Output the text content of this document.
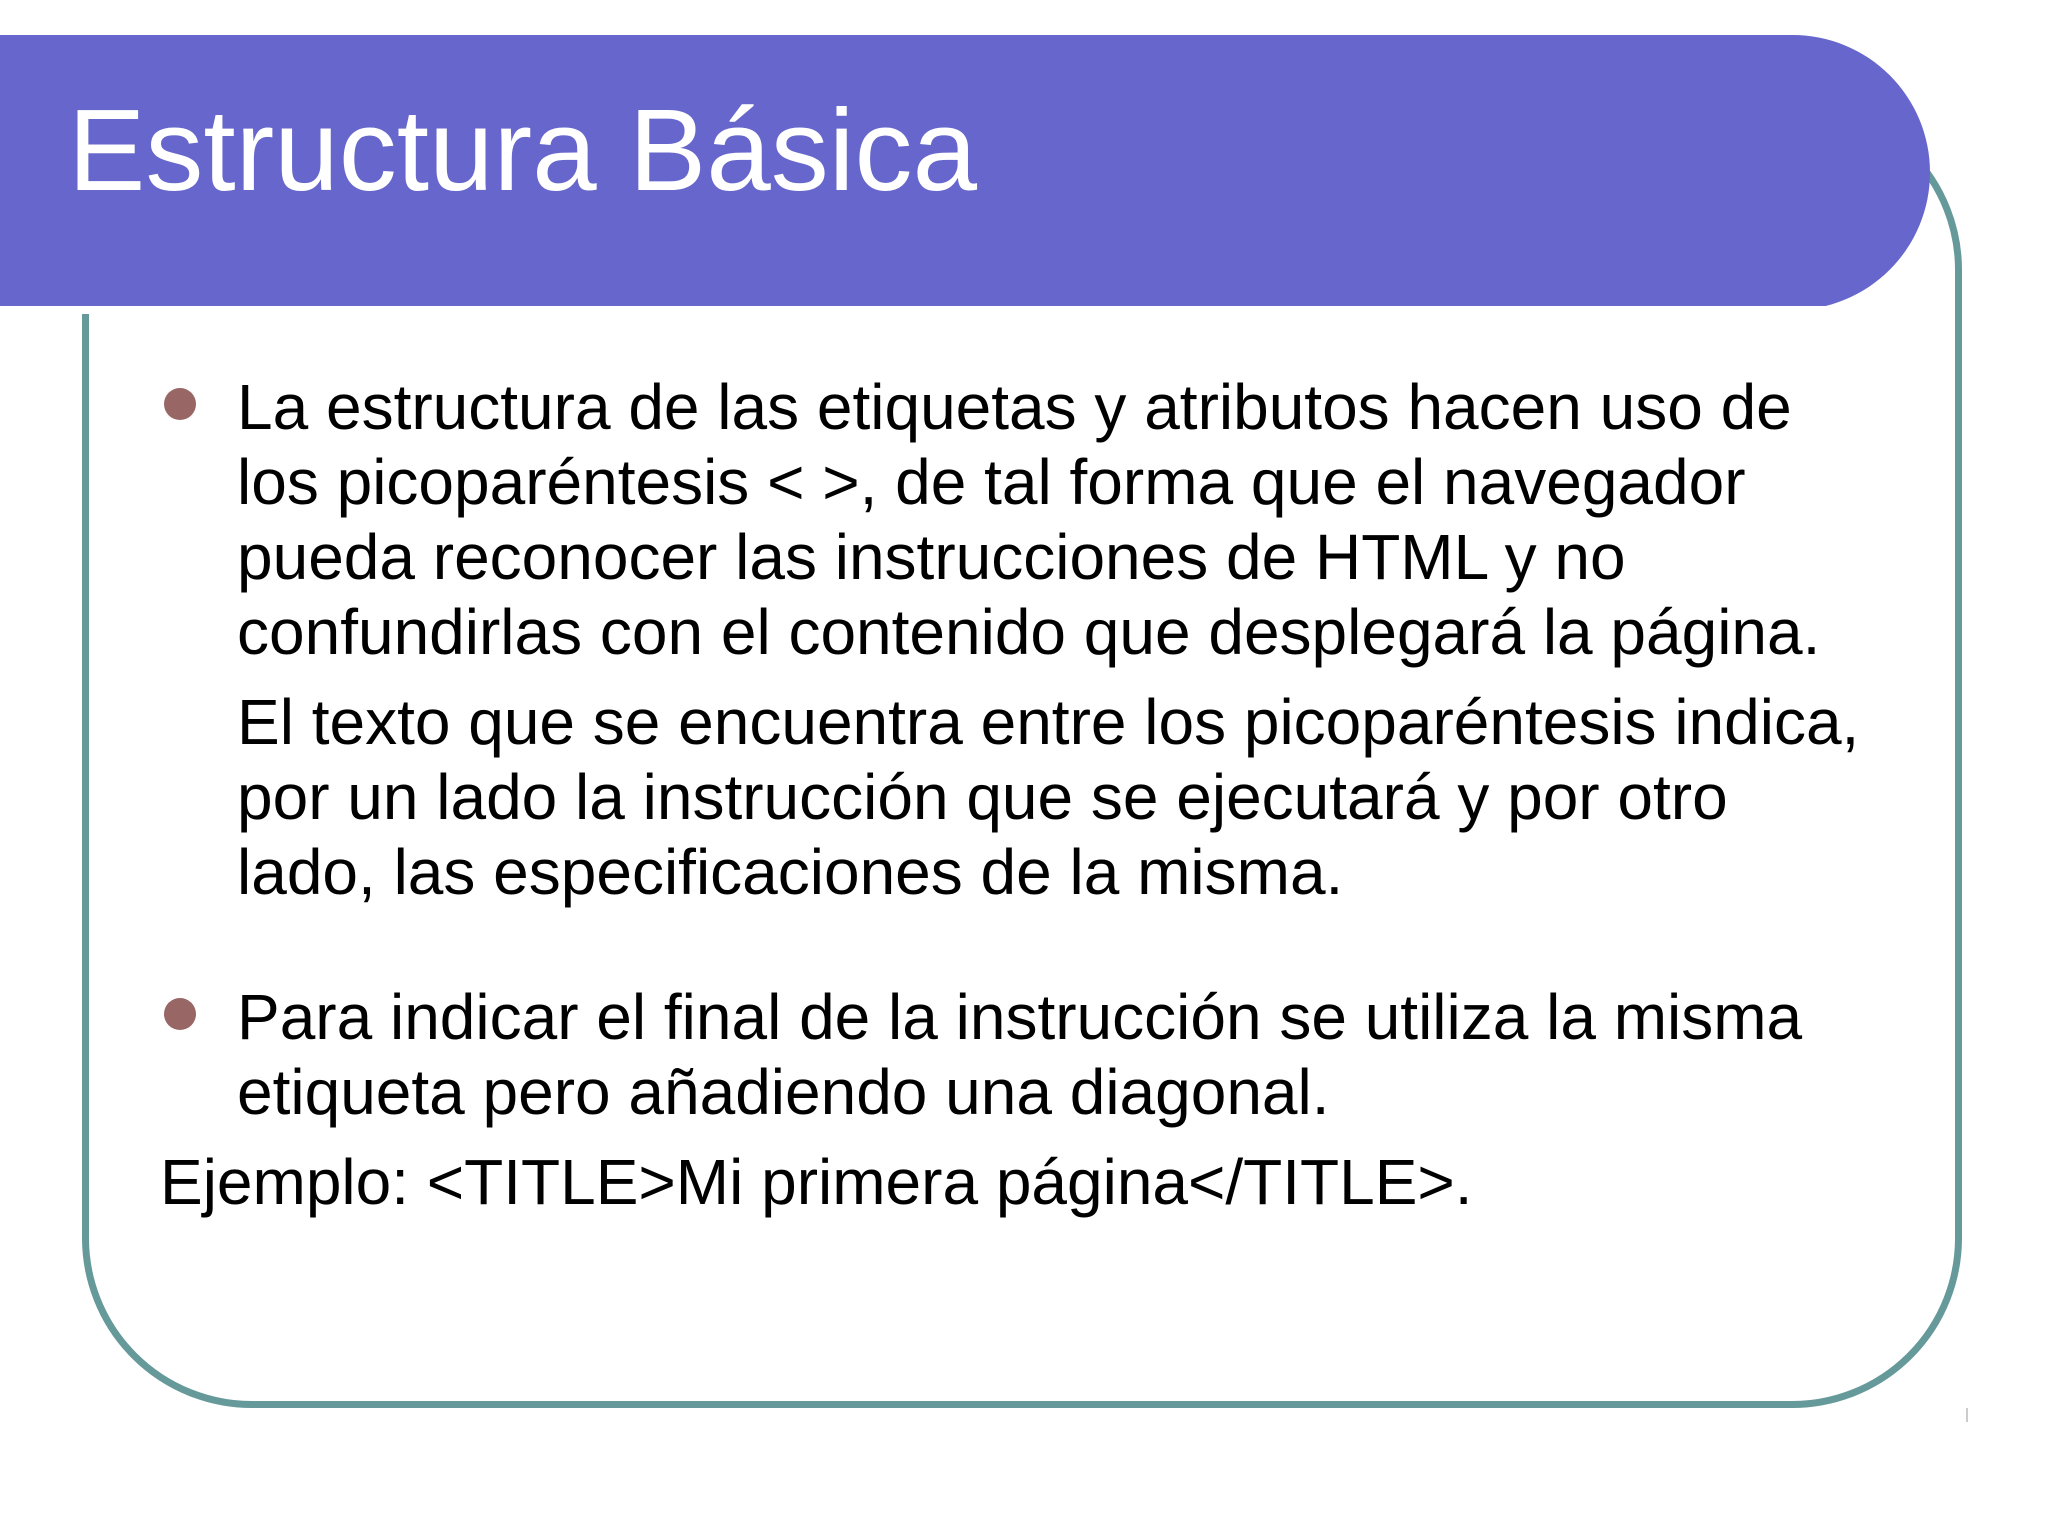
Estructura Básica

La estructura de las etiquetas y atributos hacen uso de los picoparéntesis < >, de tal forma que el navegador pueda reconocer las instrucciones de HTML y no confundirlas con el contenido que desplegará la página.

El texto que se encuentra entre los picoparéntesis indica, por un lado la instrucción que se ejecutará y por otro lado, las especificaciones de la misma.

Para indicar el final de la instrucción se utiliza la misma etiqueta pero añadiendo una diagonal.

Ejemplo: <TITLE>Mi primera página</TITLE>.
